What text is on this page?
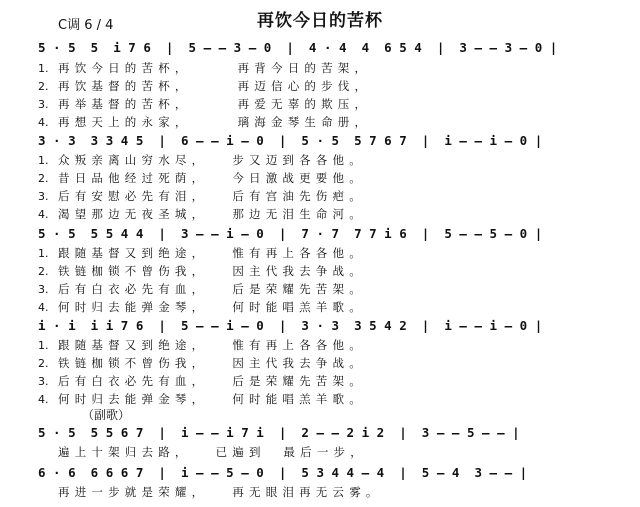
C调 6 / 4	再饮今日的苦杯
5 · 5  5  i 7 6  |  5 — — 3 — 0  |  4 · 4  4  6 5 4  |  3 — — 3 — 0 |
1. 再饮今日的苦杯，	再背今日的苦架，
2. 再饮基督的苦杯，	再迈信心的步伐，
3. 再举基督的苦杯，	再爱无辜的欺压，
4. 再想天上的永家，	璃海金琴生命册，
3 · 3  3 3 4 5  |  6 — — i — 0  |  5 · 5  5 7 6 7  |  i — — i — 0 |
1. 众叛亲离山穷水尽， 步又迈到各各他。
2. 昔日品他经过死荫， 今日激战更要他。
3. 后有安慰必先有泪， 后有宫油先伤疤。
4. 渴望那边无夜圣城， 那边无泪生命河。
5 · 5  5 5 4 4  |  3 — — i — 0  |  7 · 7  7 7 i 6  |  5 — — 5 — 0 |
1. 跟随基督又到绝途， 惟有再上各各他。
2. 铁链枷锁不曾伤我， 因主代我去争战。
3. 后有白衣必先有血， 后是荣耀先苦架。
4. 何时归去能弹金琴， 何时能唱羔羊歌。
i · i  i i 7 6  |  5 — — i — 0  |  3 · 3  3 5 4 2  |  i — — i — 0 |
1. 跟随基督又到绝途， 惟有再上各各他。
2. 铁链枷锁不曾伤我， 因主代我去争战。
3. 后有白衣必先有血， 后是荣耀先苦架。
4. 何时归去能弹金琴， 何时能唱羔羊歌。
（副歌）
5 · 5  5 5 6 7  |  i — — i 7 i  |  2 — — 2 i 2  |  3 — — 5 — — |
遍上十架归去路， 已遍到  最后一步，
6 · 6  6 6 6 7  |  i — — 5 — 0  |  5 3 4 4 — 4  |  5 — 4  3 — — |
再进一步就是荣耀， 再无眼泪再无云雾。
